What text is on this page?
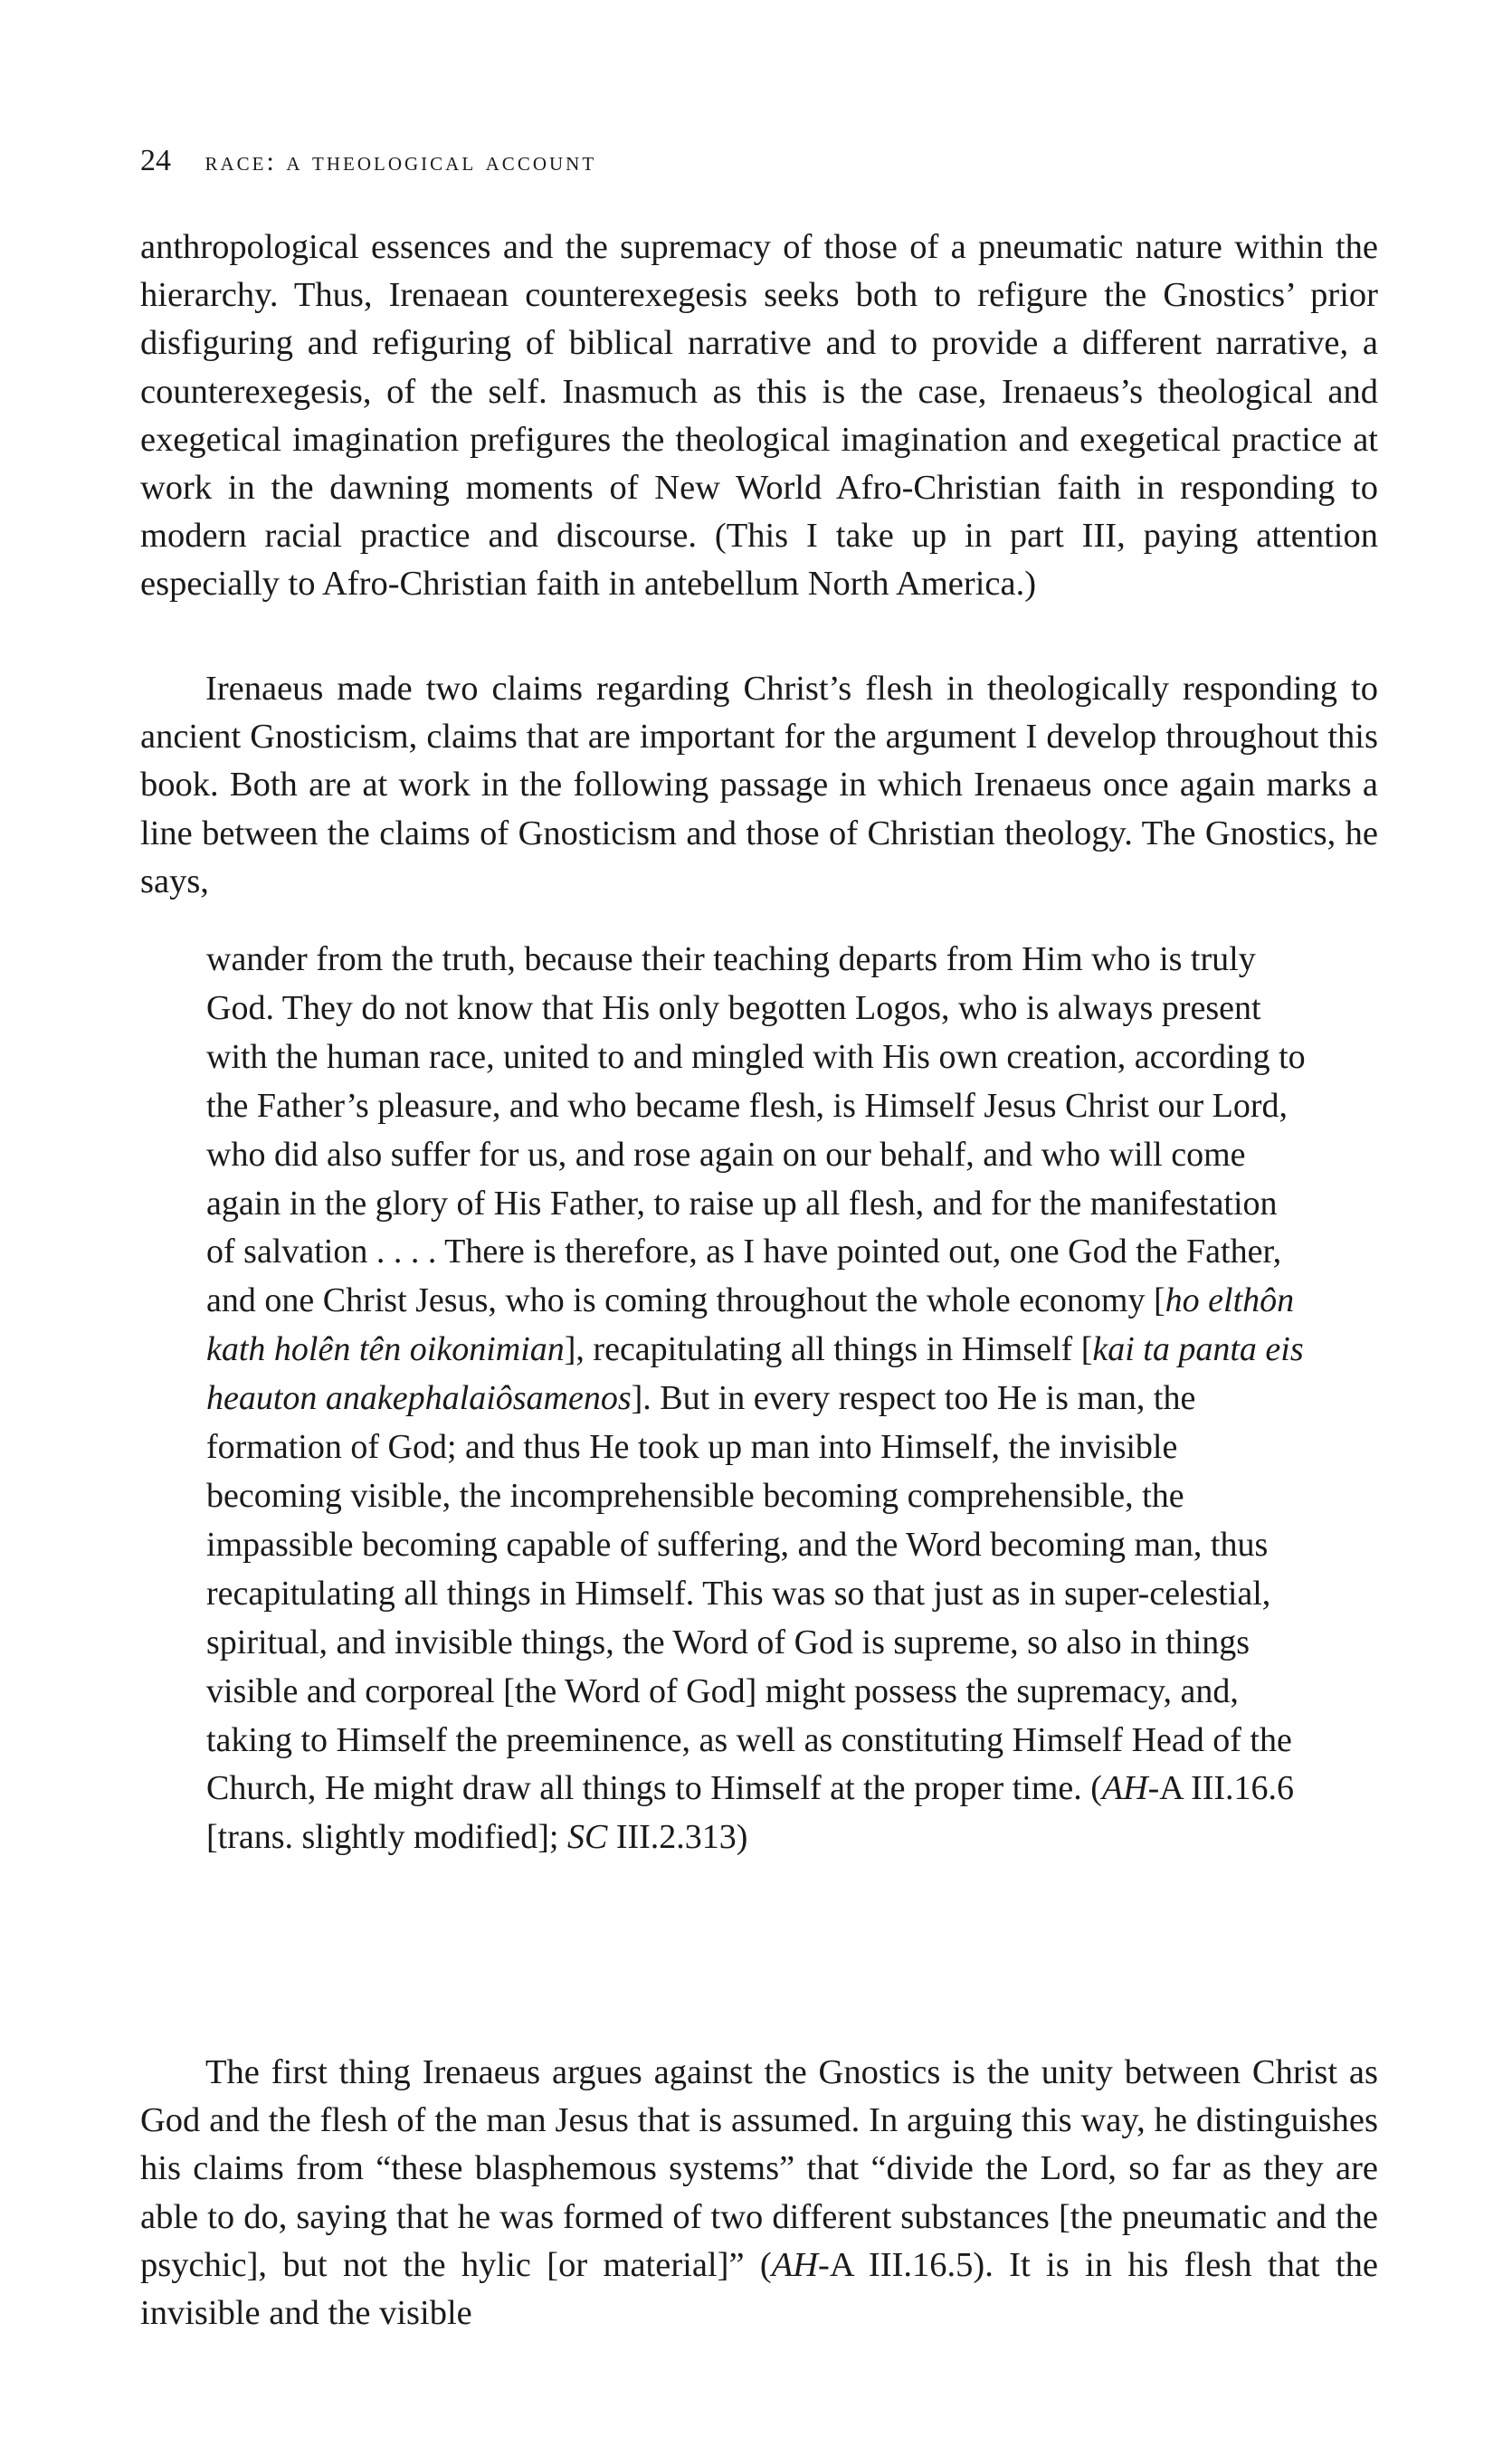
24 race: a theological account

anthropological essences and the supremacy of those of a pneumatic nature within the hierarchy. Thus, Irenaean counterexegesis seeks both to refigure the Gnostics’ prior disfiguring and refiguring of biblical narrative and to provide a different narrative, a counterexegesis, of the self. Inasmuch as this is the case, Irenaeus’s theological and exegetical imagination prefigures the theological imagination and exegetical practice at work in the dawning moments of New World Afro-Christian faith in responding to modern racial practice and discourse. (This I take up in part III, paying attention especially to Afro-Christian faith in antebellum North America.)

Irenaeus made two claims regarding Christ’s flesh in theologically responding to ancient Gnosticism, claims that are important for the argument I develop throughout this book. Both are at work in the following passage in which Irenaeus once again marks a line between the claims of Gnosticism and those of Christian theology. The Gnostics, he says,

wander from the truth, because their teaching departs from Him who is truly God. They do not know that His only begotten Logos, who is always present with the human race, united to and mingled with His own creation, according to the Father’s pleasure, and who became flesh, is Himself Jesus Christ our Lord, who did also suffer for us, and rose again on our behalf, and who will come again in the glory of His Father, to raise up all flesh, and for the manifestation of salvation . . . . There is therefore, as I have pointed out, one God the Father, and one Christ Jesus, who is coming throughout the whole economy [ho elthôn kath holên tên oikonimian], recapitulating all things in Himself [kai ta panta eis heauton anakephalaiôsamenos]. But in every respect too He is man, the formation of God; and thus He took up man into Himself, the invisible becoming visible, the incomprehensible becoming comprehensible, the impassible becoming capable of suffering, and the Word becoming man, thus recapitulating all things in Himself. This was so that just as in super-celestial, spiritual, and invisible things, the Word of God is supreme, so also in things visible and corporeal [the Word of God] might possess the supremacy, and, taking to Himself the preeminence, as well as constituting Himself Head of the Church, He might draw all things to Himself at the proper time. (AH-A III.16.6 [trans. slightly modified]; SC III.2.313)

The first thing Irenaeus argues against the Gnostics is the unity between Christ as God and the flesh of the man Jesus that is assumed. In arguing this way, he distinguishes his claims from “these blasphemous systems” that “divide the Lord, so far as they are able to do, saying that he was formed of two different substances [the pneumatic and the psychic], but not the hylic [or material]” (AH-A III.16.5). It is in his flesh that the invisible and the visible
